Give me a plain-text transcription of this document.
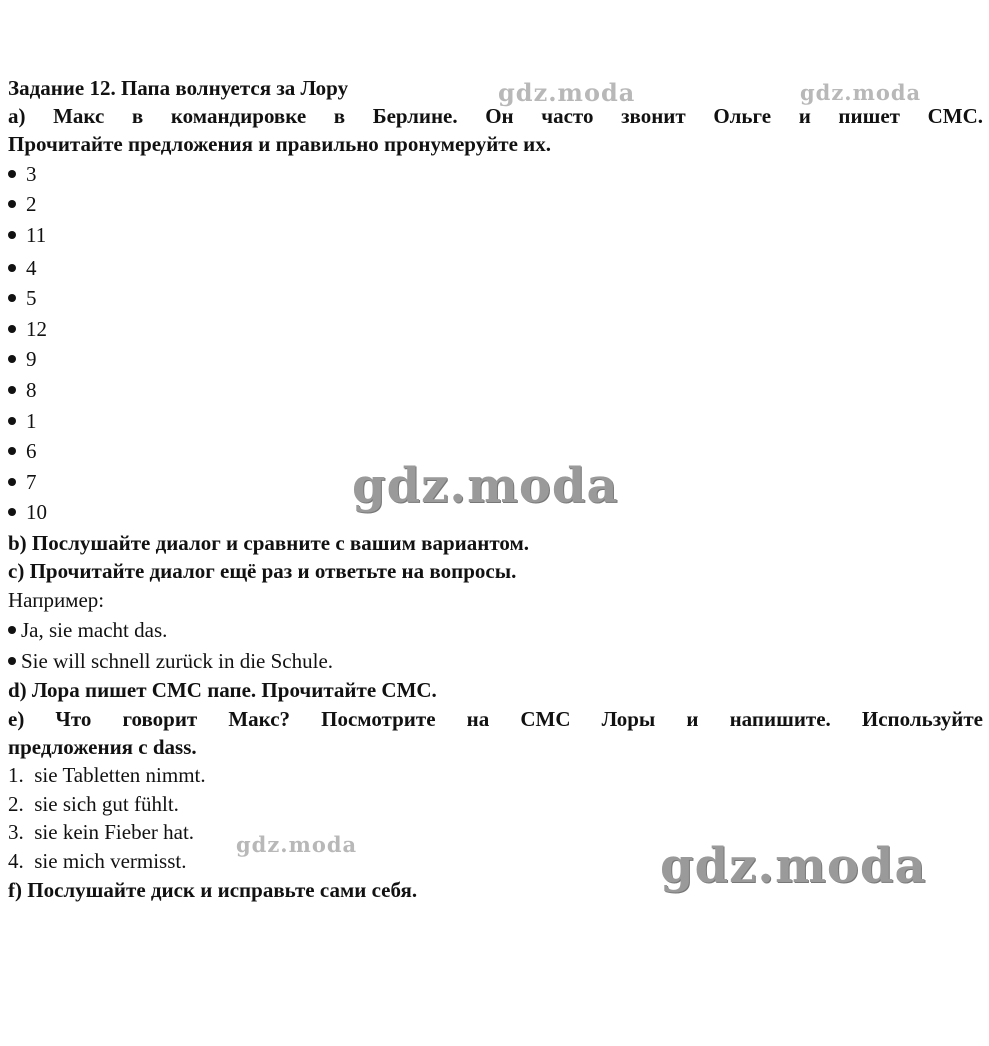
gdz.moda	gdz.moda
gdz.moda
gdz.moda	gdz.moda
Задание 12. Папа волнуется за Лору
а) Макс в командировке в Берлине. Он часто звонит Ольге и пишет СМС.
Прочитайте предложения и правильно пронумеруйте их.
3
2
11
4
5
12
9
8
1
6
7
10
b) Послушайте диалог и сравните с вашим вариантом.
c) Прочитайте диалог ещё раз и ответьте на вопросы.
Например:
Ja, sie macht das.
Sie will schnell zurück in die Schule.
d) Лора пишет СМС папе. Прочитайте СМС.
e) Что говорит Макс? Посмотрите на СМС Лоры и напишите. Используйте
предложения с dass.
1. sie Tabletten nimmt.
2. sie sich gut fühlt.
3. sie kein Fieber hat.
4. sie mich vermisst.
f) Послушайте диск и исправьте сами себя.
